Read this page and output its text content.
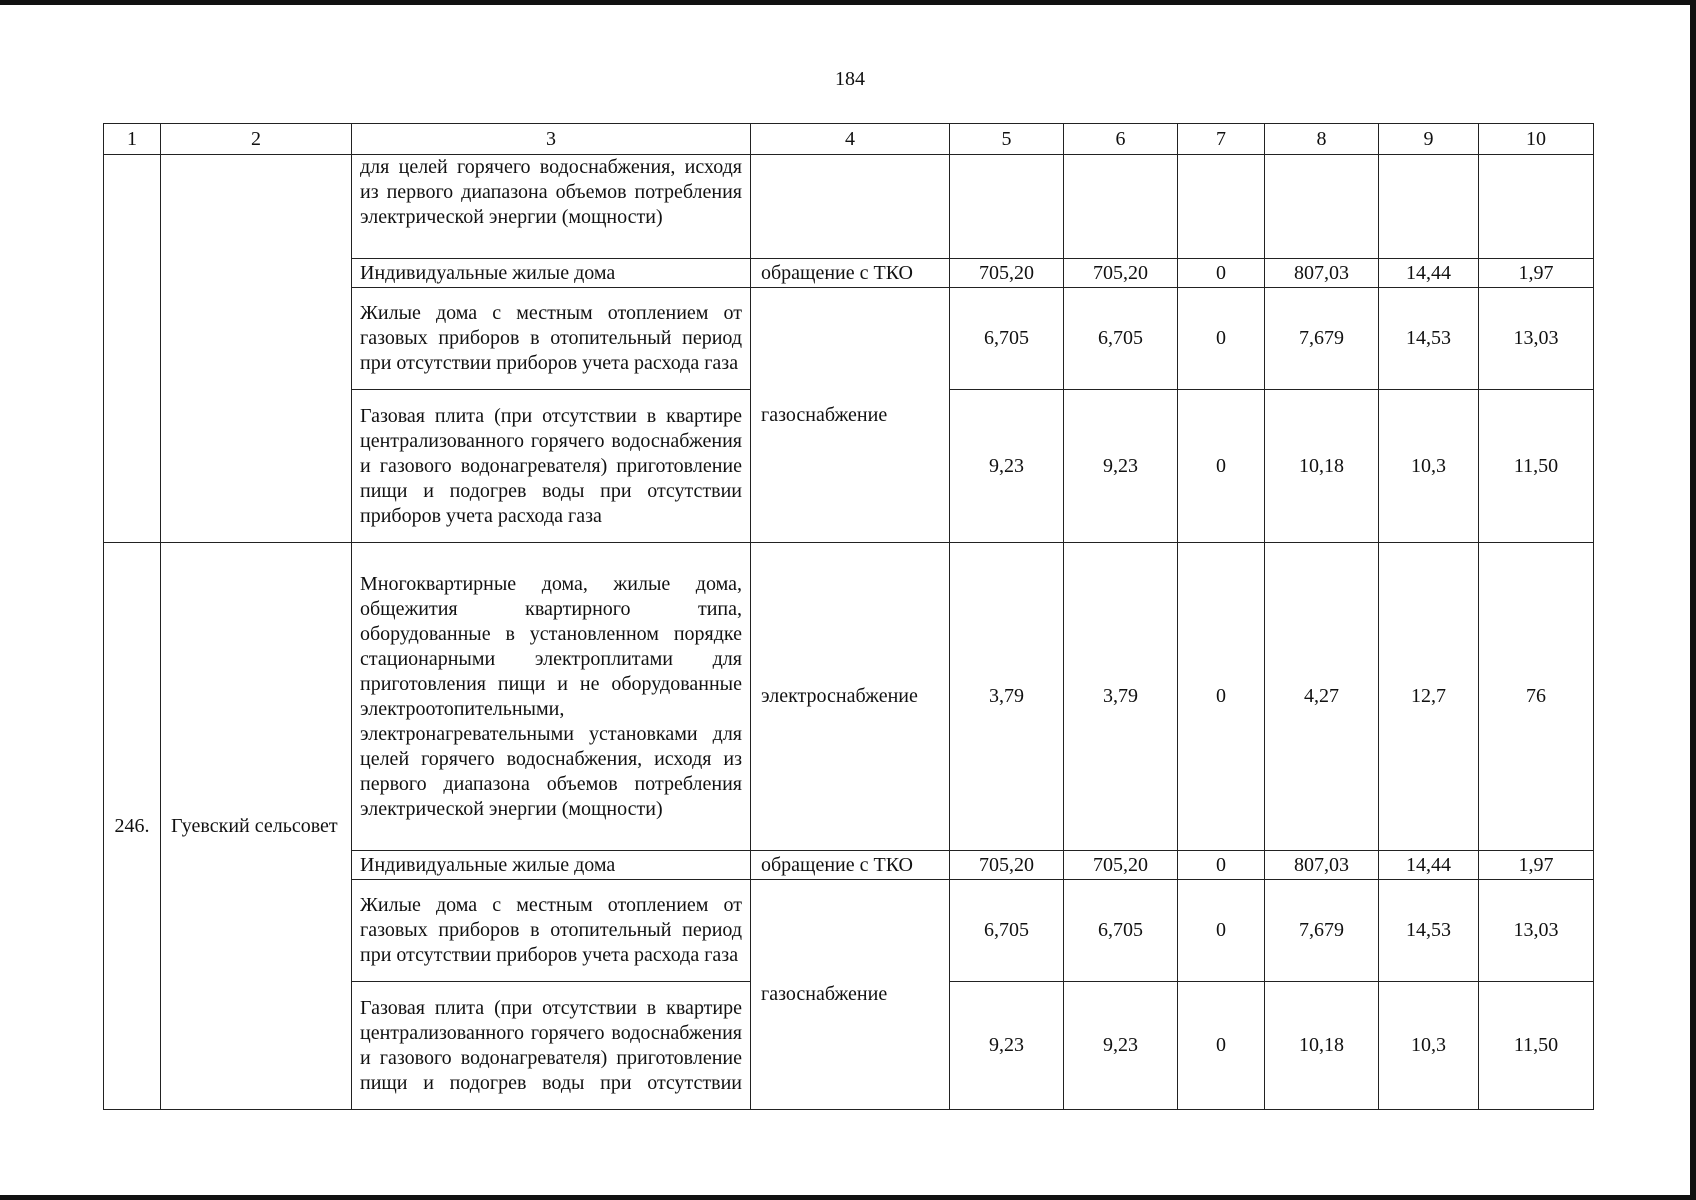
184
1	2	3	4	5	6	7	8	9	10
		для целей горячего водоснабжения, исходя из первого диапазона объемов потребления электрической энергии (мощности)							
		Индивидуальные жилые дома	обращение с ТКО	705,20	705,20	0	807,03	14,44	1,97
		Жилые дома с местным отоплением от газовых приборов в отопительный период при отсутствии приборов учета расхода газа	газоснабжение	6,705	6,705	0	7,679	14,53	13,03
		Газовая плита (при отсутствии в квартире централизованного горячего водоснабжения и газового водонагревателя) приготовление пищи и подогрев воды при отсутствии приборов учета расхода газа		9,23	9,23	0	10,18	10,3	11,50
246.	Гуевский сельсовет	Многоквартирные дома, жилые дома, общежития квартирного типа, оборудованные в установленном порядке стационарными электроплитами для приготовления пищи и не оборудованные электроотопительными, электронагревательными установками для целей горячего водоснабжения, исходя из первого диапазона объемов потребления электрической энергии (мощности)	электроснабжение	3,79	3,79	0	4,27	12,7	76
		Индивидуальные жилые дома	обращение с ТКО	705,20	705,20	0	807,03	14,44	1,97
		Жилые дома с местным отоплением от газовых приборов в отопительный период при отсутствии приборов учета расхода газа	газоснабжение	6,705	6,705	0	7,679	14,53	13,03
		Газовая плита (при отсутствии в квартире централизованного горячего водоснабжения и газового водонагревателя) приготовление пищи и подогрев воды при отсутствии		9,23	9,23	0	10,18	10,3	11,50
